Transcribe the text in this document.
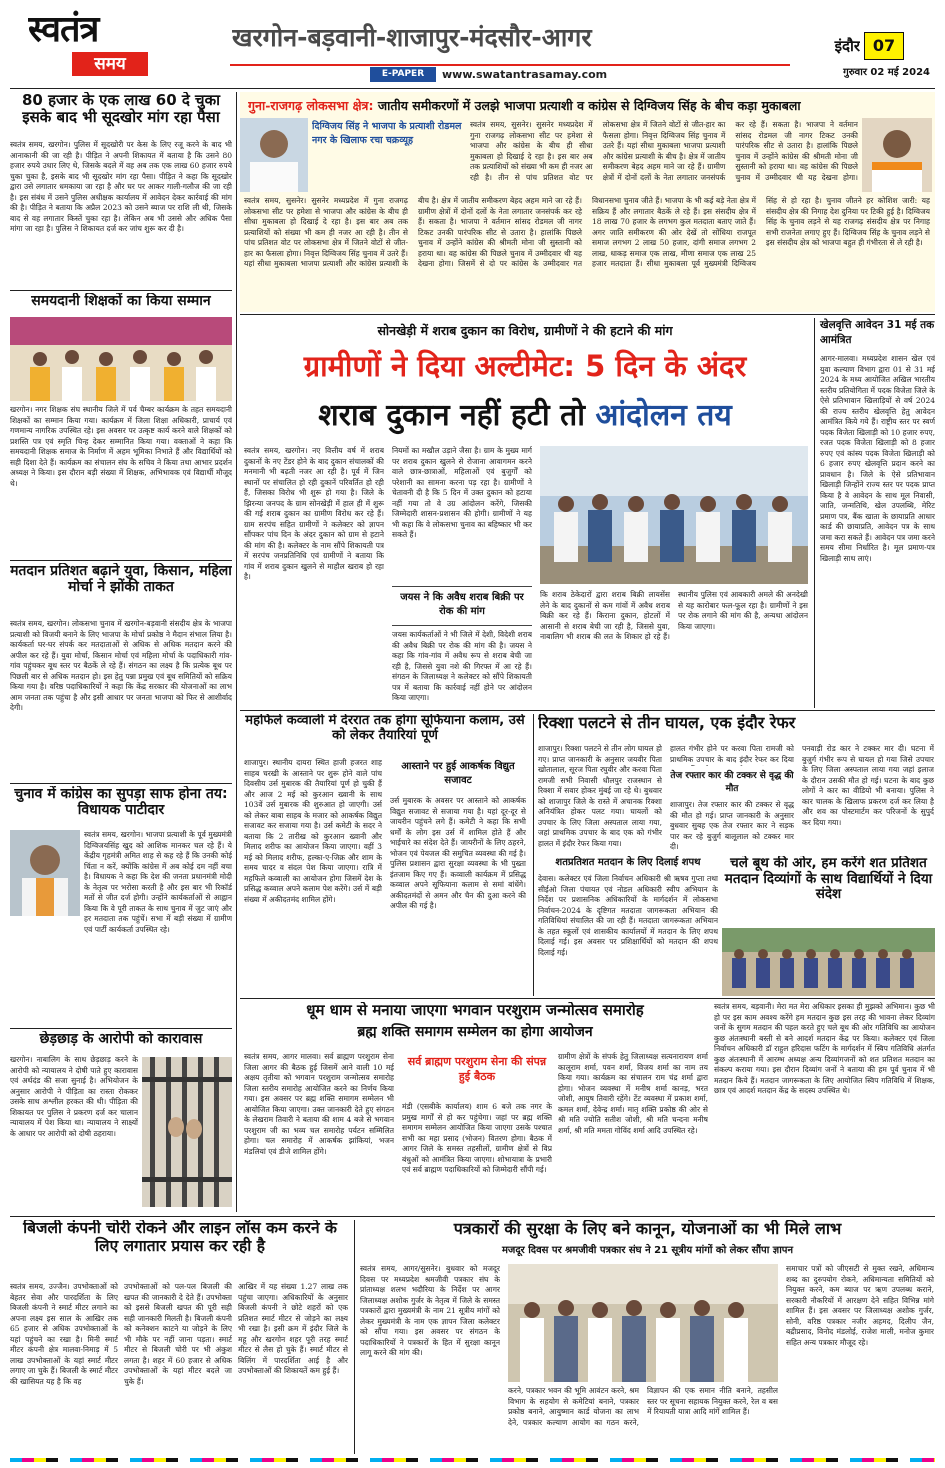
स्वतंत्र
समय
खरगोन-बड़वानी-शाजापुर-मंदसौर-आगर
E-PAPER	www.swatantrasamay.com
इंदौर 07
गुरुवार 02 मई 2024
80 हजार के एक लाख 60 दे चुका इसके बाद भी सूदखोर मांग रहा पैसा
स्वतंत्र समय, खरगोन। पुलिस में सूदखोरी पर केस के लिए रजू करने के बाद भी आनाकानी की जा रही है। पीड़ित ने अपनी शिकायत में बताया है कि उसने 80 हजार रुपये उधार लिए थे, जिसके बदले में वह अब तक एक लाख 60 हजार रुपये चुका चुका है, इसके बाद भी सूदखोर मांग रहा पैसा। पीड़ित ने कहा कि सूदखोर द्वारा उसे लगातार धमकाया जा रहा है और घर पर आकर गाली-गलौज की जा रही है। इस संबंध में उसने पुलिस अधीक्षक कार्यालय में आवेदन देकर कार्रवाई की मांग की है। पीड़ित ने बताया कि अप्रैल 2023 को उसने ब्याज पर राशि ली थी, जिसके बाद से वह लगातार किस्तें चुका रहा है। लेकिन अब भी उससे और अधिक पैसा मांगा जा रहा है। पुलिस ने शिकायत दर्ज कर जांच शुरू कर दी है।
समयदानी शिक्षकों का किया सम्मान
खरगोन। नगर शिक्षक संघ स्थानीय जिले में पर्व चैम्बर कार्यक्रम के तहत समयदानी शिक्षकों का सम्मान किया गया। कार्यक्रम में जिला शिक्षा अधिकारी, प्राचार्य एवं गणमान्य नागरिक उपस्थित रहे। इस अवसर पर उत्कृष्ट कार्य करने वाले शिक्षकों को प्रशस्ति पत्र एवं स्मृति चिन्ह देकर सम्मानित किया गया। वक्ताओं ने कहा कि समयदानी शिक्षक समाज के निर्माण में अहम भूमिका निभाते हैं और विद्यार्थियों को सही दिशा देते हैं। कार्यक्रम का संचालन संघ के सचिव ने किया तथा आभार प्रदर्शन अध्यक्ष ने किया। इस दौरान बड़ी संख्या में शिक्षक, अभिभावक एवं विद्यार्थी मौजूद थे।
मतदान प्रतिशत बढ़ाने युवा, किसान, महिला मोर्चा ने झोंकी ताकत
स्वतंत्र समय, खरगोन। लोकसभा चुनाव में खरगोन-बड़वानी संसदीय क्षेत्र के भाजपा प्रत्याशी को विजयी बनाने के लिए भाजपा के मोर्चा प्रकोष्ठ ने मैदान संभाल लिया है। कार्यकर्ता घर-घर संपर्क कर मतदाताओं से अधिक से अधिक मतदान करने की अपील कर रहे हैं। युवा मोर्चा, किसान मोर्चा एवं महिला मोर्चा के पदाधिकारी गांव-गांव पहुंचकर बूथ स्तर पर बैठकें ले रहे हैं। संगठन का लक्ष्य है कि प्रत्येक बूथ पर पिछली बार से अधिक मतदान हो। इस हेतु पन्ना प्रमुख एवं बूथ समितियों को सक्रिय किया गया है। वरिष्ठ पदाधिकारियों ने कहा कि केंद्र सरकार की योजनाओं का लाभ आम जनता तक पहुंचा है और इसी आधार पर जनता भाजपा को फिर से आशीर्वाद देगी।
चुनाव में कांग्रेस का सुपड़ा साफ होना तय: विधायक पाटीदार
स्वतंत्र समय, खरगोन। भाजपा प्रत्याशी के पूर्व मुख्यमंत्री दिग्विजयसिंह खुद को आशिक मानकर चल रहे हैं। ये केंद्रीय गृहमंत्री अमित शाह से कह रहे हैं कि उनकी कोई चिंता न करें, क्योंकि कांग्रेस में अब कोई दम नहीं बचा है। विधायक ने कहा कि देश की जनता प्रधानमंत्री मोदी के नेतृत्व पर भरोसा करती है और इस बार भी रिकॉर्ड मतों से जीत दर्ज होगी। उन्होंने कार्यकर्ताओं से आह्वान किया कि वे पूरी ताकत के साथ चुनाव में जुट जाएं और हर मतदाता तक पहुंचें। सभा में बड़ी संख्या में ग्रामीण एवं पार्टी कार्यकर्ता उपस्थित रहे।
छेड़छाड़ के आरोपी को कारावास
खरगोन। नाबालिग के साथ छेड़छाड़ करने के आरोपी को न्यायालय ने दोषी पाते हुए कारावास एवं अर्थदंड की सजा सुनाई है। अभियोजन के अनुसार आरोपी ने पीड़िता का रास्ता रोककर उसके साथ अश्लील हरकत की थी। पीड़िता की शिकायत पर पुलिस ने प्रकरण दर्ज कर चालान न्यायालय में पेश किया था। न्यायालय ने साक्ष्यों के आधार पर आरोपी को दोषी ठहराया।
गुना-राजगढ़ लोकसभा क्षेत्र: जातीय समीकरणों में उलझे भाजपा प्रत्याशी व कांग्रेस से दिग्विजय सिंह के बीच कड़ा मुकाबला
दिग्विजय सिंह ने भाजपा के प्रत्याशी रोडमल नगर के खिलाफ रचा चक्रव्यूह
स्वतंत्र समय, सुसनेर। सुसनेर मध्यप्रदेश में गुना राजगढ़ लोकसभा सीट पर हमेशा से भाजपा और कांग्रेस के बीच ही सीधा मुकाबला हो दिखाई दे रहा है। इस बार अब तक प्रत्याशियों को संख्या भी कम ही नजर आ रही है। तीन से पांच प्रतिशत वोट पर लोकसभा क्षेत्र में जितने वोटों से जीत-हार का फैसला होगा। निवृत्त दिग्विजय सिंह चुनाव में उतरे हैं। यहां सीधा मुकाबला भाजपा प्रत्याशी और कांग्रेस प्रत्याशी के बीच है। क्षेत्र में जातीय समीकरण बेहद अहम माने जा रहे हैं। ग्रामीण क्षेत्रों में दोनों दलों के नेता लगातार जनसंपर्क कर रहे हैं। सकता है। भाजपा ने वर्तमान सांसद रोडमल जी नागर टिकट उनकी पारंपरिक सीट से उतारा है। हालांकि पिछले चुनाव में उन्होंने कांग्रेस की श्रीमती मोना जी सुस्तानी को हराया था। वह कांग्रेस की पिछले चुनाव में उम्मीदवार थी यह देखना होगा। जिसमें से दो पर कांग्रेस के उम्मीदवार गत विधानसभा चुनाव जीते हैं। भाजपा के भी कई बड़े नेता क्षेत्र में सक्रिय हैं और लगातार बैठकें ले रहे हैं। इस संसदीय क्षेत्र में 18 लाख 70 हजार के लगभग कुल मतदाता बताए जाते हैं। अगर जाति समीकरण की ओर देखें तो सोंधिया राजपूत समाज लगभग 2 लाख 50 हजार, दांगी समाज लगभग 2 लाख, धाकड़ समाज एक लाख, मीणा समाज एक लाख 25 हजार मतदाता हैं। सीधा मुकाबला पूर्व मुख्यमंत्री दिग्विजय सिंह से हो रहा है। चुनाव जीतने हर कोशिश जारी: यह संसदीय क्षेत्र की निगाह देश दुनिया पर टिकी हुई है। दिग्विजय सिंह के चुनाव लड़ने से यह राजगढ़ संसदीय क्षेत्र पर निगाह सभी राजनेता लगाए हुए हैं। दिग्विजय सिंह के चुनाव लड़ने से इस संसदीय क्षेत्र को भाजपा बहुत ही गंभीरता से ले रही है।
स्वतंत्र समय, सुसनेर। सुसनेर मध्यप्रदेश में गुना राजगढ़ लोकसभा सीट पर हमेशा से भाजपा और कांग्रेस के बीच ही सीधा मुकाबला हो दिखाई दे रहा है। इस बार अब तक प्रत्याशियों को संख्या भी कम ही नजर आ रही है। तीन से पांच प्रतिशत वोट पर लोकसभा क्षेत्र में जितने वोटों से जीत-हार का फैसला होगा। निवृत्त दिग्विजय सिंह चुनाव में उतरे हैं। यहां सीधा मुकाबला भाजपा प्रत्याशी और कांग्रेस प्रत्याशी के बीच है। क्षेत्र में जातीय समीकरण बेहद अहम माने जा रहे हैं। ग्रामीण क्षेत्रों में दोनों दलों के नेता लगातार जनसंपर्क कर रहे हैं। सकता है। भाजपा ने वर्तमान सांसद रोडमल जी नागर टिकट उनकी पारंपरिक सीट से उतारा है। हालांकि पिछले चुनाव में उन्होंने कांग्रेस की श्रीमती मोना जी सुस्तानी को हराया था। वह कांग्रेस की पिछले चुनाव में उम्मीदवार थी यह देखना होगा।
सोनखेड़ी में शराब दुकान का विरोध, ग्रामीणों ने की हटाने की मांग
ग्रामीणों ने दिया अल्टीमेट: 5 दिन के अंदर
शराब दुकान नहीं हटी तो आंदोलन तय
स्वतंत्र समय, खरगोन। नए वित्तीय वर्ष में शराब दुकानों के नए टेंडर होने के बाद दुकान संचालकों की मनमानी भी बढ़ती नजर आ रही है। पूर्व में जिन स्थानों पर संचालित हो रही दुकानें परिवर्तित हो रही हैं, जिसका विरोध भी शुरू हो गया है। जिले के झिरन्या जनपद के ग्राम सोनखेड़ी में हाल ही में शुरू की गई शराब दुकान का ग्रामीण विरोध कर रहे हैं। ग्राम सरपंच सहित ग्रामीणों ने कलेक्टर को ज्ञापन सौंपकर पांच दिन के अंदर दुकान को ग्राम से हटाने की मांग की है। कलेक्टर के नाम सौंपे शिकायती पत्र में सरपंच जनप्रतिनिधि एवं ग्रामीणों ने बताया कि गांव में शराब दुकान खुलने से माहौल खराब हो रहा है।
नियमों का मखौल उड़ाने जैसा है। ग्राम के मुख्य मार्ग पर शराब दुकान खुलने से रोजाना आवागमन करने वाले छात्र-छात्राओं, महिलाओं एवं बुजुर्गों को परेशानी का सामना करना पड़ रहा है। ग्रामीणों ने चेतावनी दी है कि 5 दिन में उक्त दुकान को हटाया नहीं गया तो वे उग्र आंदोलन करेंगे, जिसकी जिम्मेदारी शासन-प्रशासन की होगी। ग्रामीणों ने यह भी कहा कि वे लोकसभा चुनाव का बहिष्कार भी कर सकते हैं।
जयस ने कि अवैध शराब बिक्री पर रोक की मांग
जयस कार्यकर्ताओं ने भी जिले में देशी, विदेशी शराब की अवैध बिक्री पर रोक की मांग की है। जयस ने कहा कि गांव-गांव में अवैध रूप से शराब बेची जा रही है, जिससे युवा नशे की गिरफ्त में आ रहे हैं। संगठन के जिलाध्यक्ष ने कलेक्टर को सौंपे शिकायती पत्र में बताया कि कार्रवाई नहीं होने पर आंदोलन किया जाएगा।
कि शराब ठेकेदारों द्वारा शराब बिक्री लायसेंस लेने के बाद दुकानों से कम गांवों में अवैध शराब बिक्री कर रहे हैं। किराना दुकान, होटलों में आसानी से शराब बेची जा रही है, जिससे युवा, नाबालिग भी शराब की लत के शिकार हो रहे हैं। स्थानीय पुलिस एवं आबकारी अमले की अनदेखी से यह कारोबार फल-फूल रहा है। ग्रामीणों ने इस पर रोक लगाने की मांग की है, अन्यथा आंदोलन किया जाएगा।
खेलवृत्ति आवेदन 31 मई तक आमंत्रित
आगर-मालवा। मध्यप्रदेश शासन खेल एवं युवा कल्याण विभाग द्वारा 01 से 31 मई 2024 के मध्य आयोजित अखिल भारतीय स्तरीय प्रतियोगिता में पदक विजेता जिले के ऐसे प्रतिभावान खिलाड़ियों से वर्ष 2024 की राज्य स्तरीय खेलवृत्ति हेतु आवेदन आमंत्रित किये गये हैं। राष्ट्रीय स्तर पर स्वर्ण पदक विजेता खिलाड़ी को 10 हजार रुपए, रजत पदक विजेता खिलाड़ी को 8 हजार रुपए एवं कांस्य पदक विजेता खिलाड़ी को 6 हजार रुपए खेलवृत्ति प्रदान करने का प्रावधान है। जिले के ऐसे प्रतिभावान खिलाड़ी जिन्होंने राज्य स्तर पर पदक प्राप्त किया है वे आवेदन के साथ मूल निवासी, जाति, जन्मतिथि, खेल उपलब्धि, मेरिट प्रमाण पत्र, बैंक खाता के छायाप्रति आधार कार्ड की छायाप्रति, आवेदन पत्र के साथ जमा करा सकते हैं। आवेदन पत्र जमा करने समय सीमा निर्धारित है। मूल प्रमाण-पत्र खिलाड़ी साथ लाएं।
महफिले कव्वाली में देररात तक होगा सूफियाना कलाम, उर्स को लेकर तैयारियां पूर्ण
शाजापुर। स्थानीय दायरा स्थित हाजी हजरत शाह साहब चरखी के आस्ताने पर शुरू होने वाले पांच दिवसीय उर्स मुबारक की तैयारियां पूर्ण हो चुकी हैं और आज 2 मई को कुरआन ख्वानी के साथ 103वें उर्स मुबारक की शुरुआत हो जाएगी। उर्स को लेकर बाबा साहब के मजार को आकर्षक विद्युत सजावट कर सजाया गया है। उर्स कमेटी के सदर ने बताया कि 2 तारीख को कुरआन ख्वानी और मिलाद शरीफ का आयोजन किया जाएगा। वहीं 3 मई को मिलाद शरीफ, हल्का-ए-जिक्र और शाम के समय चादर व संदल पेश किया जाएगा। रात्रि में महफिले कव्वाली का आयोजन होगा जिसमें देश के प्रसिद्ध कव्वाल अपने कलाम पेश करेंगे। उर्स में बड़ी संख्या में अकीदतमंद शामिल होंगे।
आस्ताने पर हुई आकर्षक विद्युत सजावट
उर्स मुबारक के अवसर पर आस्ताने को आकर्षक विद्युत सजावट से सजाया गया है। यहां दूर-दूर से जायरीन पहुंचने लगे हैं। कमेटी ने कहा कि सभी धर्मों के लोग इस उर्स में शामिल होते हैं और भाईचारे का संदेश देते हैं। जायरीनों के लिए ठहरने, भोजन एवं पेयजल की समुचित व्यवस्था की गई है। पुलिस प्रशासन द्वारा सुरक्षा व्यवस्था के भी पुख्ता इंतजाम किए गए हैं। कव्वाली कार्यक्रम में प्रसिद्ध कव्वाल अपने सूफियाना कलाम से समां बांधेंगे। अकीदतमंदों से अमन और चैन की दुआ करने की अपील की गई है।
रिक्शा पलटने से तीन घायल, एक इंदौर रेफर
शाजापुर। रिक्शा पलटने से तीन लोग घायल हो गए। प्राप्त जानकारी के अनुसार जयवीर पिता खोतालाल, सूरज पिता रघुवीर और करवा पिता रामजी सभी निवासी धौलपुर राजस्थान से रिक्शा में सवार होकर मुंबई जा रहे थे। बुधवार को शाजापुर जिले के रास्ते में अचानक रिक्शा अनियंत्रित होकर पलट गया। घायलों को उपचार के लिए जिला अस्पताल लाया गया, जहां प्राथमिक उपचार के बाद एक को गंभीर हालत में इंदौर रेफर किया गया।
हालत गंभीर होने पर करवा पिता रामजी को प्राथमिक उपचार के बाद इंदौर रेफर कर दिया
तेज रफ्तार कार की टक्कर से वृद्ध की मौत
शाजापुर। तेज रफ्तार कार की टक्कर से वृद्ध की मौत हो गई। प्राप्त जानकारी के अनुसार बुधवार सुबह एक तेज रफ्तार कार ने सड़क पार कर रहे बुजुर्ग बालूलाल को टक्कर मार दी।
पनवाड़ी रोड कार ने टक्कर मार दी। घटना में बुजुर्ग गंभीर रूप से घायल हो गया जिसे उपचार के लिए जिला अस्पताल लाया गया जहां इलाज के दौरान उसकी मौत हो गई। घटना के बाद कुछ लोगों ने कार का वीडियो भी बनाया। पुलिस ने कार चालक के खिलाफ प्रकरण दर्ज कर लिया है और शव का पोस्टमार्टम कर परिजनों के सुपुर्द कर दिया गया।
शतप्रतिशत मतदान के लिए दिलाई शपथ
देवास। कलेक्टर एवं जिला निर्वाचन अधिकारी श्री ऋषव गुप्ता तथा सीईओ जिला पंचायत एवं नोडल अधिकारी स्वीप अभियान के निर्देश पर प्रशासनिक अधिकारियों के मार्गदर्शन में लोकसभा निर्वाचन-2024 के दृष्टिगत मतदाता जागरूकता अभियान की गतिविधियां संचालित की जा रही हैं। मतदाता जागरूकता अभियान के तहत स्कूलों एवं शासकीय कार्यालयों में मतदान के लिए शपथ दिलाई गई। इस अवसर पर प्रशिक्षार्थियों को मतदान की शपथ दिलाई गई।
चले बूथ की ओर, हम करेंगे शत प्रतिशत मतदान दिव्यांगों के साथ विद्यार्थियों ने दिया संदेश
धूम धाम से मनाया जाएगा भगवान परशुराम जन्मोत्सव समारोह
ब्रह्म शक्ति समागम सम्मेलन का होगा आयोजन
स्वतंत्र समय, आगर मालवा। सर्व ब्राह्मण परशुराम सेना जिला आगर की बैठक हुई जिसमें आने वाली 10 मई अक्षय तृतीया को भगवान परशुराम जन्मोत्सव समारोह जिला स्तरीय समारोह आयोजित करने का निर्णय किया गया। इस अवसर पर ब्रह्म शक्ति समागम सम्मेलन भी आयोजित किया जाएगा। उक्त जानकारी देते हुए संगठन के लेखराम तिवारी ने बताया की शाम 4 बजे से भगवान परशुराम जी का भव्य चल समारोह पर्यटन सम्मिलित होगा। चल समारोह में आकर्षक झांकियां, भजन मंडलियां एवं डीजे शामिल होंगे।
सर्व ब्राह्मण परशुराम सेना की संपन्न हुई बैठक
मंडी (एसबीके कार्यालय) शाम 6 बजे तक नगर के प्रमुख मार्गों से हो कर पहुंचेगा। जहां पर ब्रह्म शक्ति समागम सम्मेलन आयोजित किया जाएगा उसके पश्चात सभी का महा प्रसाद (भोजन) वितरण होगा। बैठक में आगर जिले के समस्त तहसीलों, ग्रामीण क्षेत्रों से विप्र बंधुओं को आमंत्रित किया जाएगा। शोभायात्रा के प्रभारी एवं सर्व ब्राह्मण पदाधिकारियों को जिम्मेदारी सौंपी गई।
ग्रामीण क्षेत्रों के संपर्क हेतु जिलाध्यक्ष सत्यनारायण शर्मा कालूराम शर्मा, पवन शर्मा, विजय शर्मा का नाम तय किया गया। कार्यक्रम का संचालन राम चंद्र शर्मा द्वारा होगा। भोजन व्यवस्था में मनीष शर्मा कानड़, भरत जोशी, आयुष तिवारी रहेंगे। टेंट व्यवस्था में प्रकाश शर्मा, कमल शर्मा, देवेन्द्र शर्मा। मातृ शक्ति प्रकोष्ठ की ओर से श्री मति ज्योति सतीश जोशी, श्री मति चन्दना मनीष शर्मा, श्री मति ममता गोविंद शर्मा आदि उपस्थित रहे।
स्वतंत्र समय, बड़वानी। मेरा मत मेरा अधिकार इसका ही मुझको अभिमान। कुछ भी हो पर इस काम अवश्य करेंगे हम मतदान कुछ इस तरह की भावना लेकर दिव्यांग जनों के सुगम मतदान की पहल करते हुए चले बूथ की ओर गतिविधि का आयोजन कुछ अंतःस्थानी बस्ती से बने आदर्श मतदान केंद्र पर किया। कलेक्टर एवं जिला निर्वाचन अधिकारी डॉ राहुल हरिदास फटिंग के मार्गदर्शन में स्विप गतिविधि अंतर्गत कुछ अंतःस्थानी में आरम्भ अध्यक्ष अन्य दिव्यांगजनों को शत प्रतिशत मतदान का संकल्प कराया गया। इस दौरान दिव्यांग जनों ने बताया की हम पूर्व चुनाव में भी मतदान किये हैं। मतदान जागरूकता के लिए आयोजित स्विप गतिविधि में शिक्षक, छात्र एवं आदर्श मतदान केंद्र के सदस्य उपस्थित थे।
बिजली कंपनी चोरी रोकने और लाइन लॉस कम करने के लिए लगातार प्रयास कर रही है
स्वतंत्र समय, उज्जैन। उपभोक्ताओं को बेहतर सेवा और पारदर्शिता के लिए बिजली कंपनी ने स्मार्ट मीटर लगाने का अपना लक्ष्य इस साल के आखिर तक 65 हजार से अधिक उपभोक्ताओं के यहां पहुंचने का रखा है। मिनी स्मार्ट मीटर कंपनी क्षेत्र मालवा-निमाड़ में 5 लाख उपभोक्ताओं के यहां स्मार्ट मीटर लगाए जा चुके हैं। बिजली के स्मार्ट मीटर की खासियत यह है कि वह
उपभोक्ताओं को पल-पल बिजली की खपत की जानकारी दे देते हैं। उपभोक्ता को इससे बिजली खपत की पूरी सही सही जानकारी मिलती है। बिजली कंपनी को कनेक्शन काटने या जोड़ने के लिए भी मौके पर नहीं जाना पड़ता। स्मार्ट मीटर से बिजली चोरी पर भी अंकुश लगता है। शहर में 60 हजार से अधिक उपभोक्ताओं के यहां मीटर बदले जा चुके हैं।
आखिर में यह संख्या 1.27 लाख तक पहुंचा जाएगा। अधिकारियों के अनुसार बिजली कंपनी ने छोटे शहरों को एक प्रतिशत स्मार्ट मीटर से जोड़ने का लक्ष्य भी रखा है। इसी क्रम में इंदौर जिले के महू और खरगोन शहर पूरी तरह स्मार्ट मीटर से लैस हो चुके हैं। स्मार्ट मीटर से बिलिंग में पारदर्शिता आई है और उपभोक्ताओं की शिकायतें कम हुई हैं।
पत्रकारों की सुरक्षा के लिए बने कानून, योजनाओं का भी मिले लाभ
मजदूर दिवस पर श्रमजीवी पत्रकार संघ ने 21 सूत्रीय मांगों को लेकर सौंपा ज्ञापन
स्वतंत्र समय, आगर/सुसनेर। बुधवार को मजदूर दिवस पर मध्यप्रदेश श्रमजीवी पत्रकार संघ के प्रांताध्यक्ष शलभ भदौरिया के निर्देश पर आगर जिलाध्यक्ष अशोक गुर्जर के नेतृत्व में जिले के समस्त पत्रकारों द्वारा मुख्यमंत्री के नाम 21 सूत्रीय मांगों को लेकर मुख्यमंत्री के नाम एक ज्ञापन जिला कलेक्टर को सौंपा गया। इस अवसर पर संगठन के पदाधिकारियों ने पत्रकारों के हित में सुरक्षा कानून लागू करने की मांग की।
करने, पत्रकार भवन की भूमि आवंटन करने, श्रम विभाग के सहयोग से कमेटियां बनाने, पत्रकार प्रकोष्ठ बनाने, आयुष्मान कार्ड योजना का लाभ देने, पत्रकार कल्याण आयोग का गठन करने, विज्ञापन की एक समान नीति बनाने, तहसील स्तर पर सूचना सहायक नियुक्त करने, रेल व बस में रियायती यात्रा आदि मांगें शामिल हैं।
समाचार पत्रों को जीएसटी से मुक्त रखने, अधिमान्य शब्द का दुरुपयोग रोकने, अधिमान्यता समितियों को नियुक्त करने, कम ब्याज पर ऋण उपलब्ध कराने, सरकारी नौकरियों में आरक्षण देने सहित विभिन्न मांगे शामिल हैं। इस अवसर पर जिलाध्यक्ष अशोक गुर्जर, सोनी, वरिष्ठ पत्रकार नजीर अहमद, दिलीप जैन, बद्रीप्रसाद, विनोद मंडलोई, राजेश माली, मनोज कुमार सहित अन्य पत्रकार मौजूद रहे।
